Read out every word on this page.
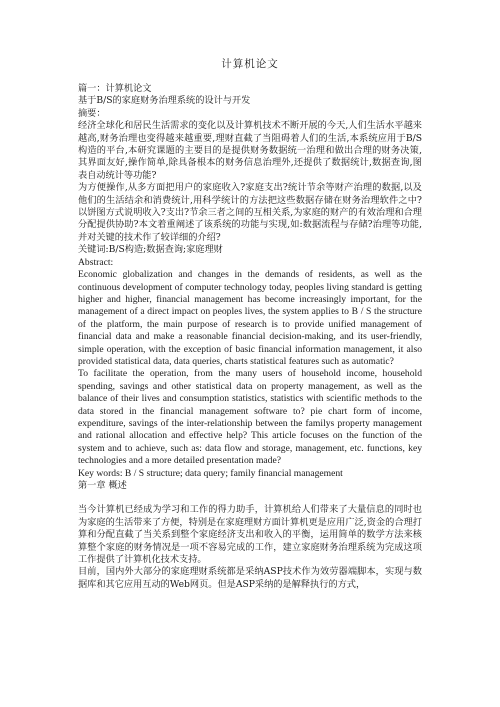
计算机论文

篇一：计算机论文

基于B/S的家庭财务治理系统的设计与开发

摘要：

经济全球化和居民生活需求的变化以及计算机技术不断开展的今天,人们生活水平越来越高,财务治理也变得越来越重要,理财直截了当阻碍着人们的生活,本系统应用于B/S构造的平台,本研究课题的主要目的是提供财务数据统一治理和做出合理的财务决策,其界面友好,操作简单,除具备根本的财务信息治理外,还提供了数据统计,数据查询,图表自动统计等功能?

为方便操作,从多方面把用户的家庭收入?家庭支出?统计节余等财产治理的数据,以及他们的生活结余和消费统计,用科学统计的方法把这些数据存储在财务治理软件之中?以饼图方式说明收入?支出?节余三者之间的互相关系,为家庭的财产的有效治理和合理分配提供协助?本文着重阐述了该系统的功能与实现,如:数据流程与存储?治理等功能,并对关键的技术作了较详细的介绍?

关键词:B/S构造;数据查询;家庭理财

Abstract:

Economic globalization and changes in the demands of residents, as well as the continuous development of computer technology today, peoples living standard is getting higher and higher, financial management has become increasingly important, for the management of a direct impact on peoples lives, the system applies to B / S the structure of the platform, the main purpose of research is to provide unified management of financial data and make a reasonable financial decision-making, and its user-friendly, simple operation, with the exception of basic financial information management, it also provided statistical data, data queries, charts statistical features such as automatic?

To facilitate the operation, from the many users of household income, household spending, savings and other statistical data on property management, as well as the balance of their lives and consumption statistics, statistics with scientific methods to the data stored in the financial management software to? pie chart form of income, expenditure, savings of the inter-relationship between the familys property management and rational allocation and effective help? This article focuses on the function of the system and to achieve, such as: data flow and storage, management, etc. functions, key technologies and a more detailed presentation made?

Key words: B / S structure; data query; family financial management

第一章 概述

当今计算机已经成为学习和工作的得力助手，计算机给人们带来了大量信息的同时也为家庭的生活带来了方便，特别是在家庭理财方面计算机更是应用广泛,资金的合理打算和分配直截了当关系到整个家庭经济支出和收入的平衡，运用简单的数学方法来核算整个家庭的财务情况是一项不容易完成的工作，建立家庭财务治理系统为完成这项工作提供了计算机化技术支持。

目前，国内外大部分的家庭理财系统都是采纳ASP技术作为效劳器端脚本，实现与数据库和其它应用互动的Web网页。但是ASP采纳的是解释执行的方式，
